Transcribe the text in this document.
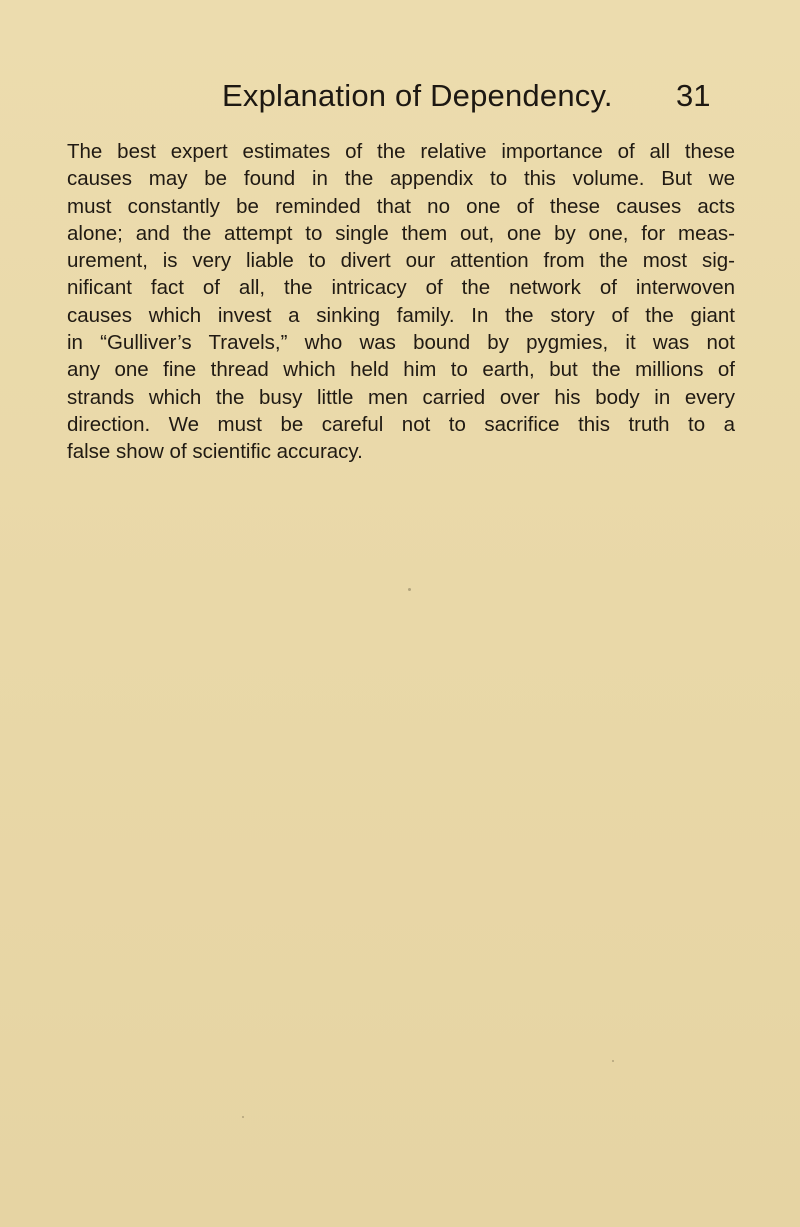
Explanation of Dependency. 31
The best expert estimates of the relative importance of all these
causes may be found in the appendix to this volume. But we
must constantly be reminded that no one of these causes acts
alone; and the attempt to single them out, one by one, for meas-
urement, is very liable to divert our attention from the most sig-
nificant fact of all, the intricacy of the network of interwoven
causes which invest a sinking family. In the story of the giant
in “Gulliver’s Travels,” who was bound by pygmies, it was not
any one fine thread which held him to earth, but the millions of
strands which the busy little men carried over his body in every
direction. We must be careful not to sacrifice this truth to a
false show of scientific accuracy.
